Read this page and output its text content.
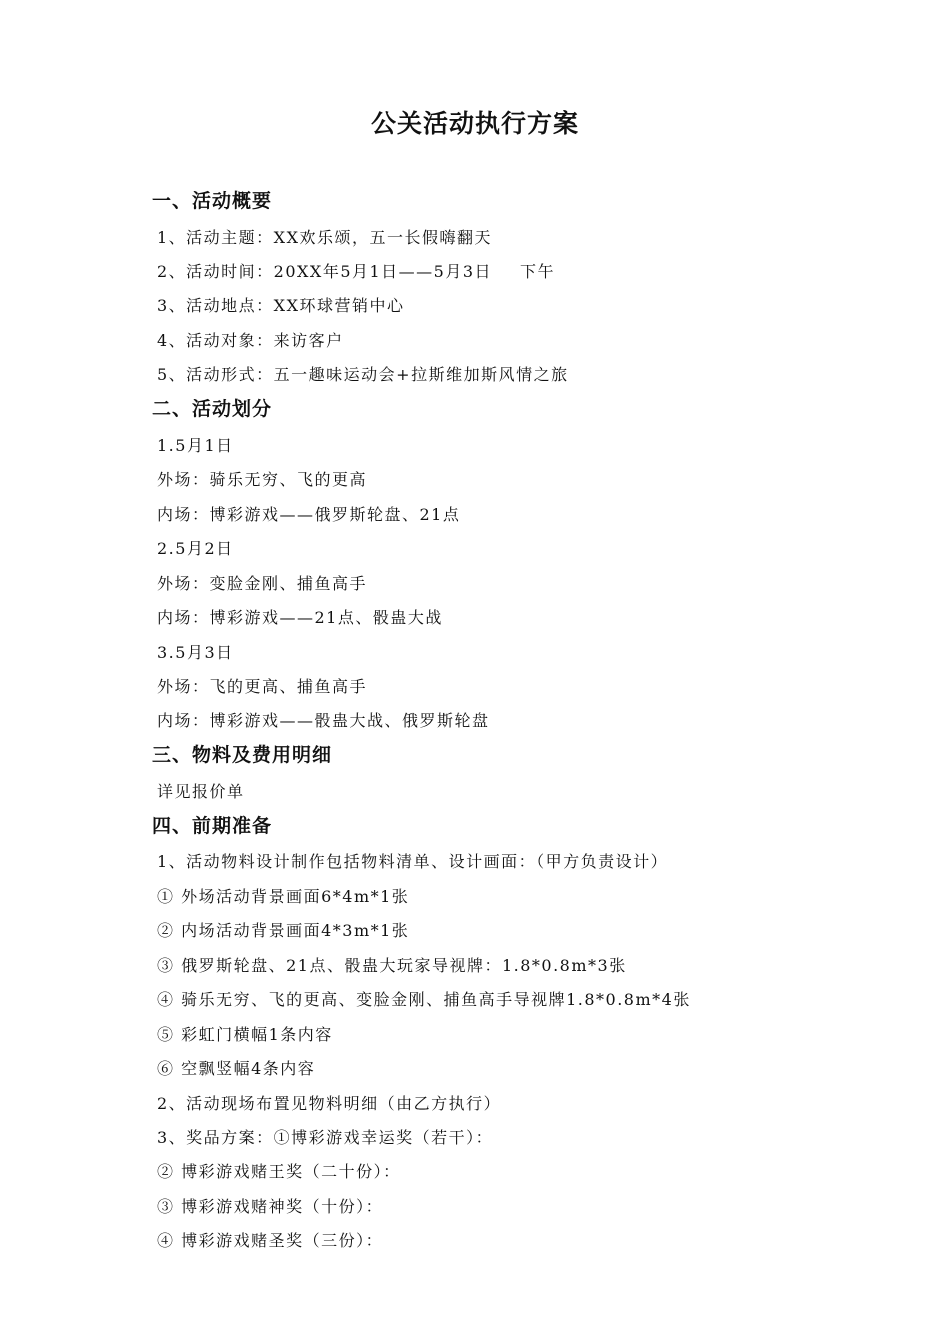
公关活动执行方案
一、活动概要
1、活动主题：XX欢乐颂，五一长假嗨翻天
2、活动时间：20XX年5月1日——5月3日 下午
3、活动地点：XX环球营销中心
4、活动对象：来访客户
5、活动形式：五一趣味运动会+拉斯维加斯风情之旅
二、活动划分
1.5月1日
外场：骑乐无穷、飞的更高
内场：博彩游戏——俄罗斯轮盘、21点
2.5月2日
外场：变脸金刚、捕鱼高手
内场：博彩游戏——21点、骰蛊大战
3.5月3日
外场：飞的更高、捕鱼高手
内场：博彩游戏——骰蛊大战、俄罗斯轮盘
三、物料及费用明细
详见报价单
四、前期准备
1、活动物料设计制作包括物料清单、设计画面：（甲方负责设计）
① 外场活动背景画面6*4m*1张
② 内场活动背景画面4*3m*1张
③ 俄罗斯轮盘、21点、骰蛊大玩家导视牌：1.8*0.8m*3张
④ 骑乐无穷、飞的更高、变脸金刚、捕鱼高手导视牌1.8*0.8m*4张
⑤ 彩虹门横幅1条内容
⑥ 空飘竖幅4条内容
2、活动现场布置见物料明细（由乙方执行）
3、奖品方案：①博彩游戏幸运奖（若干）：
② 博彩游戏赌王奖（二十份）：
③ 博彩游戏赌神奖（十份）：
④ 博彩游戏赌圣奖（三份）：
